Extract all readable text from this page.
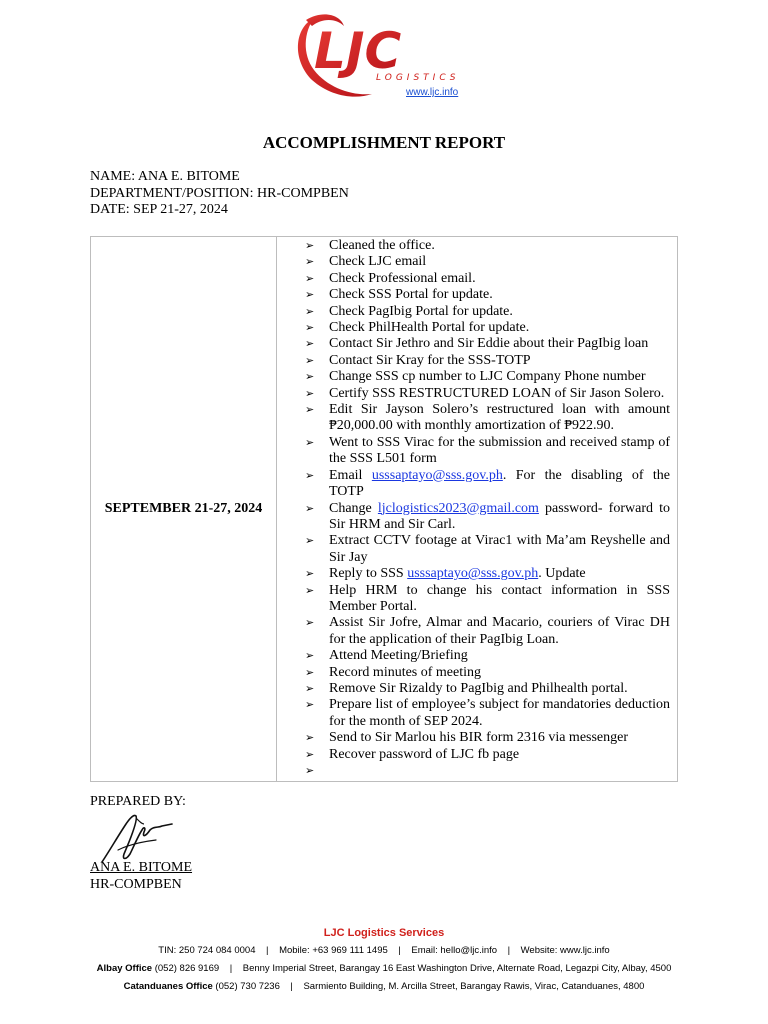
LJC
LOGISTICS
www.ljc.info
ACCOMPLISHMENT REPORT
NAME: ANA E. BITOME
DEPARTMENT/POSITION: HR-COMPBEN
DATE: SEP 21-27, 2024
SEPTEMBER 21-27, 2024

➢ Cleaned the office.
➢ Check LJC email
➢ Check Professional email.
➢ Check SSS Portal for update.
➢ Check PagIbig Portal for update.
➢ Check PhilHealth Portal for update.
➢ Contact Sir Jethro and Sir Eddie about their PagIbig loan
➢ Contact Sir Kray for the SSS-TOTP
➢ Change SSS cp number to LJC Company Phone number
➢ Certify SSS RESTRUCTURED LOAN of Sir Jason Solero.
➢ Edit Sir Jayson Solero’s restructured loan with amount ₱20,000.00 with monthly amortization of ₱922.90.
➢ Went to SSS Virac for the submission and received stamp of the SSS L501 form
➢ Email usssaptayo@sss.gov.ph. For the disabling of the TOTP
➢ Change ljclogistics2023@gmail.com password- forward to Sir HRM and Sir Carl.
➢ Extract CCTV footage at Virac1 with Ma’am Reyshelle and Sir Jay
➢ Reply to SSS usssaptayo@sss.gov.ph. Update
➢ Help HRM to change his contact information in SSS Member Portal.
➢ Assist Sir Jofre, Almar and Macario, couriers of Virac DH for the application of their PagIbig Loan.
➢ Attend Meeting/Briefing
➢ Record minutes of meeting
➢ Remove Sir Rizaldy to PagIbig and Philhealth portal.
➢ Prepare list of employee’s subject for mandatories deduction for the month of SEP 2024.
➢ Send to Sir Marlou his BIR form 2316 via messenger
➢ Recover password of LJC fb page
➢

PREPARED BY:
ANA E. BITOME
HR-COMPBEN
LJC Logistics Services
TIN: 250 724 084 0004    |    Mobile: +63 969 111 1495    |    Email: hello@ljc.info    |    Website: www.ljc.info
Albay Office (052) 826 9169    |    Benny Imperial Street, Barangay 16 East Washington Drive, Alternate Road, Legazpi City, Albay, 4500
Catanduanes Office (052) 730 7236    |    Sarmiento Building, M. Arcilla Street, Barangay Rawis, Virac, Catanduanes, 4800
